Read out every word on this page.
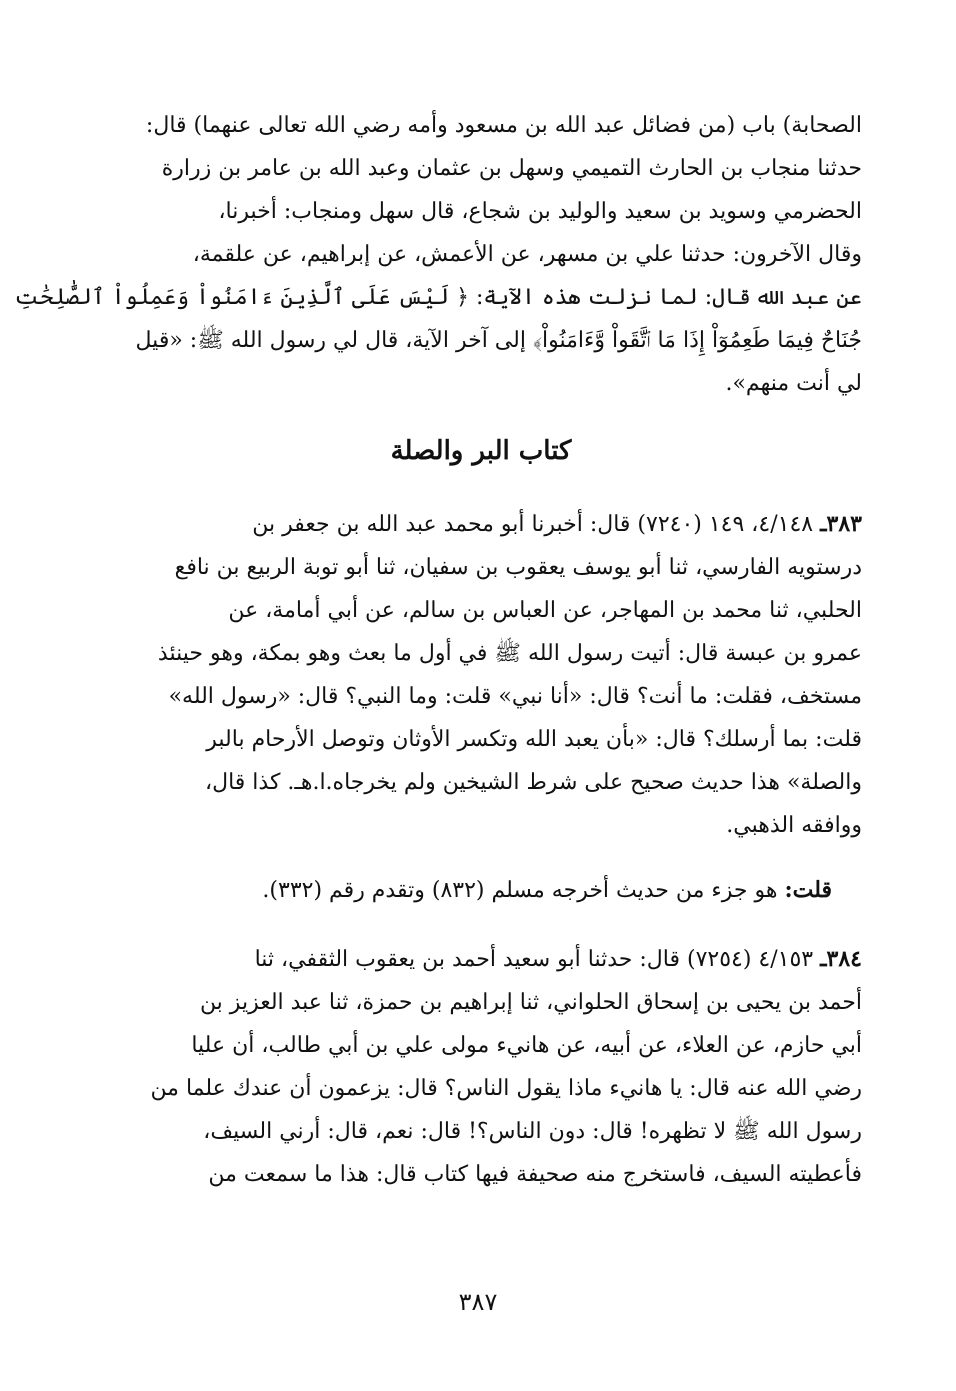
الصحابة) باب (من فضائل عبد الله بن مسعود وأمه رضي الله تعالى عنهما) قال:
حدثنا منجاب بن الحارث التميمي وسهل بن عثمان وعبد الله بن عامر بن زرارة
الحضرمي وسويد بن سعيد والوليد بن شجاع، قال سهل ومنجاب: أخبرنا،
وقال الآخرون: حدثنا علي بن مسهر، عن الأعمش، عن إبراهيم، عن علقمة،
عن عبد الله قال: لما نزلت هذه الآية: ﴿ لَيْسَ عَلَى ٱلَّذِينَ ءَامَنُواْ وَعَمِلُواْ ٱلصَّٰلِحَٰتِ
جُنَاحٌ فِيمَا طَعِمُوٓاْ إِذَا مَا ٱتَّقَواْ وَّءَامَنُواْ﴾ إلى آخر الآية، قال لي رسول الله ﷺ: «قيل
لي أنت منهم».
كتاب البر والصلة
٣٨٣ـ ٤/١٤٨، ١٤٩ (٧٢٤٠) قال: أخبرنا أبو محمد عبد الله بن جعفر بن
درستويه الفارسي، ثنا أبو يوسف يعقوب بن سفيان، ثنا أبو توبة الربيع بن نافع
الحلبي، ثنا محمد بن المهاجر، عن العباس بن سالم، عن أبي أمامة، عن
عمرو بن عبسة قال: أتيت رسول الله ﷺ في أول ما بعث وهو بمكة، وهو حينئذ
مستخف، فقلت: ما أنت؟ قال: «أنا نبي» قلت: وما النبي؟ قال: «رسول الله»
قلت: بما أرسلك؟ قال: «بأن يعبد الله وتكسر الأوثان وتوصل الأرحام بالبر
والصلة» هذا حديث صحيح على شرط الشيخين ولم يخرجاه.ا.هـ. كذا قال،
ووافقه الذهبي.
قلت: هو جزء من حديث أخرجه مسلم (٨٣٢) وتقدم رقم (٣٣٢).
٣٨٤ـ ٤/١٥٣ (٧٢٥٤) قال: حدثنا أبو سعيد أحمد بن يعقوب الثقفي، ثنا
أحمد بن يحيى بن إسحاق الحلواني، ثنا إبراهيم بن حمزة، ثنا عبد العزيز بن
أبي حازم، عن العلاء، عن أبيه، عن هانيء مولى علي بن أبي طالب، أن عليا
رضي الله عنه قال: يا هانيء ماذا يقول الناس؟ قال: يزعمون أن عندك علما من
رسول الله ﷺ لا تظهره! قال: دون الناس؟! قال: نعم، قال: أرني السيف،
فأعطيته السيف، فاستخرج منه صحيفة فيها كتاب قال: هذا ما سمعت من
٣٨٧
